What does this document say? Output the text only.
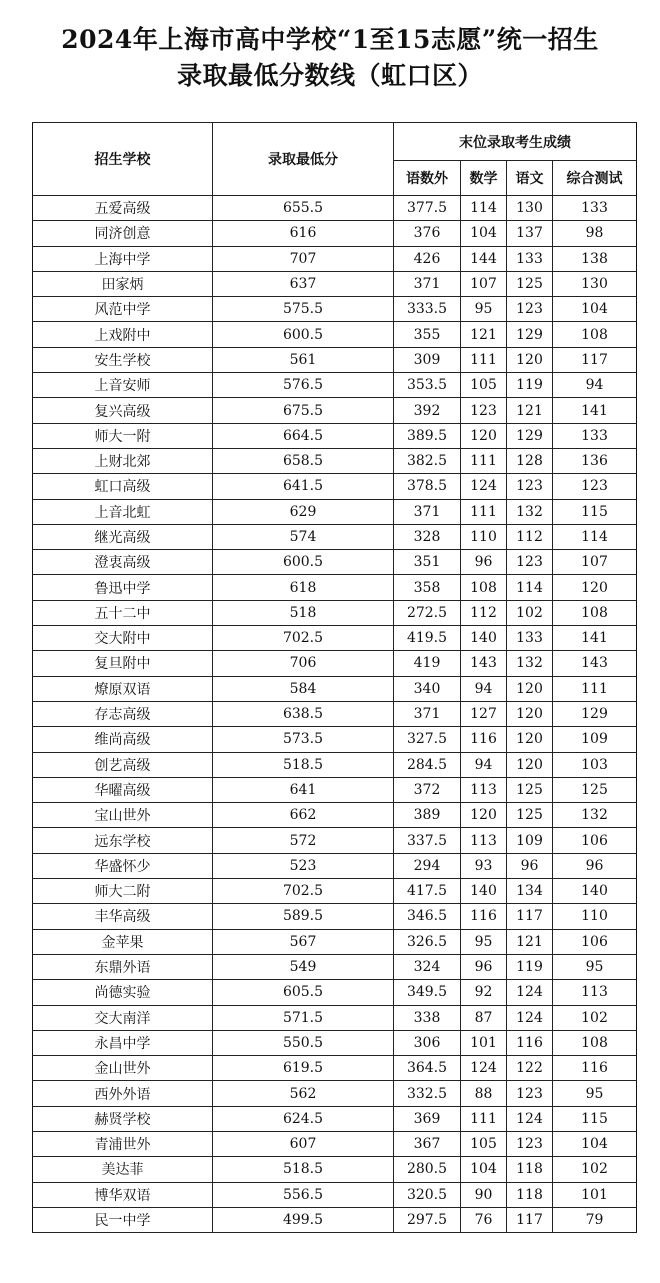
2024年上海市高中学校“1至15志愿”统一招生
录取最低分数线（虹口区）
招生学校	录取最低分	末位录取考生成绩			
		语数外	数学	语文	综合测试
五爱高级	655.5	377.5	114	130	133
同济创意	616	376	104	137	98
上海中学	707	426	144	133	138
田家炳	637	371	107	125	130
风范中学	575.5	333.5	95	123	104
上戏附中	600.5	355	121	129	108
安生学校	561	309	111	120	117
上音安师	576.5	353.5	105	119	94
复兴高级	675.5	392	123	121	141
师大一附	664.5	389.5	120	129	133
上财北郊	658.5	382.5	111	128	136
虹口高级	641.5	378.5	124	123	123
上音北虹	629	371	111	132	115
继光高级	574	328	110	112	114
澄衷高级	600.5	351	96	123	107
鲁迅中学	618	358	108	114	120
五十二中	518	272.5	112	102	108
交大附中	702.5	419.5	140	133	141
复旦附中	706	419	143	132	143
燎原双语	584	340	94	120	111
存志高级	638.5	371	127	120	129
维尚高级	573.5	327.5	116	120	109
创艺高级	518.5	284.5	94	120	103
华曜高级	641	372	113	125	125
宝山世外	662	389	120	125	132
远东学校	572	337.5	113	109	106
华盛怀少	523	294	93	96	96
师大二附	702.5	417.5	140	134	140
丰华高级	589.5	346.5	116	117	110
金苹果	567	326.5	95	121	106
东鼎外语	549	324	96	119	95
尚德实验	605.5	349.5	92	124	113
交大南洋	571.5	338	87	124	102
永昌中学	550.5	306	101	116	108
金山世外	619.5	364.5	124	122	116
西外外语	562	332.5	88	123	95
赫贤学校	624.5	369	111	124	115
青浦世外	607	367	105	123	104
美达菲	518.5	280.5	104	118	102
博华双语	556.5	320.5	90	118	101
民一中学	499.5	297.5	76	117	79
